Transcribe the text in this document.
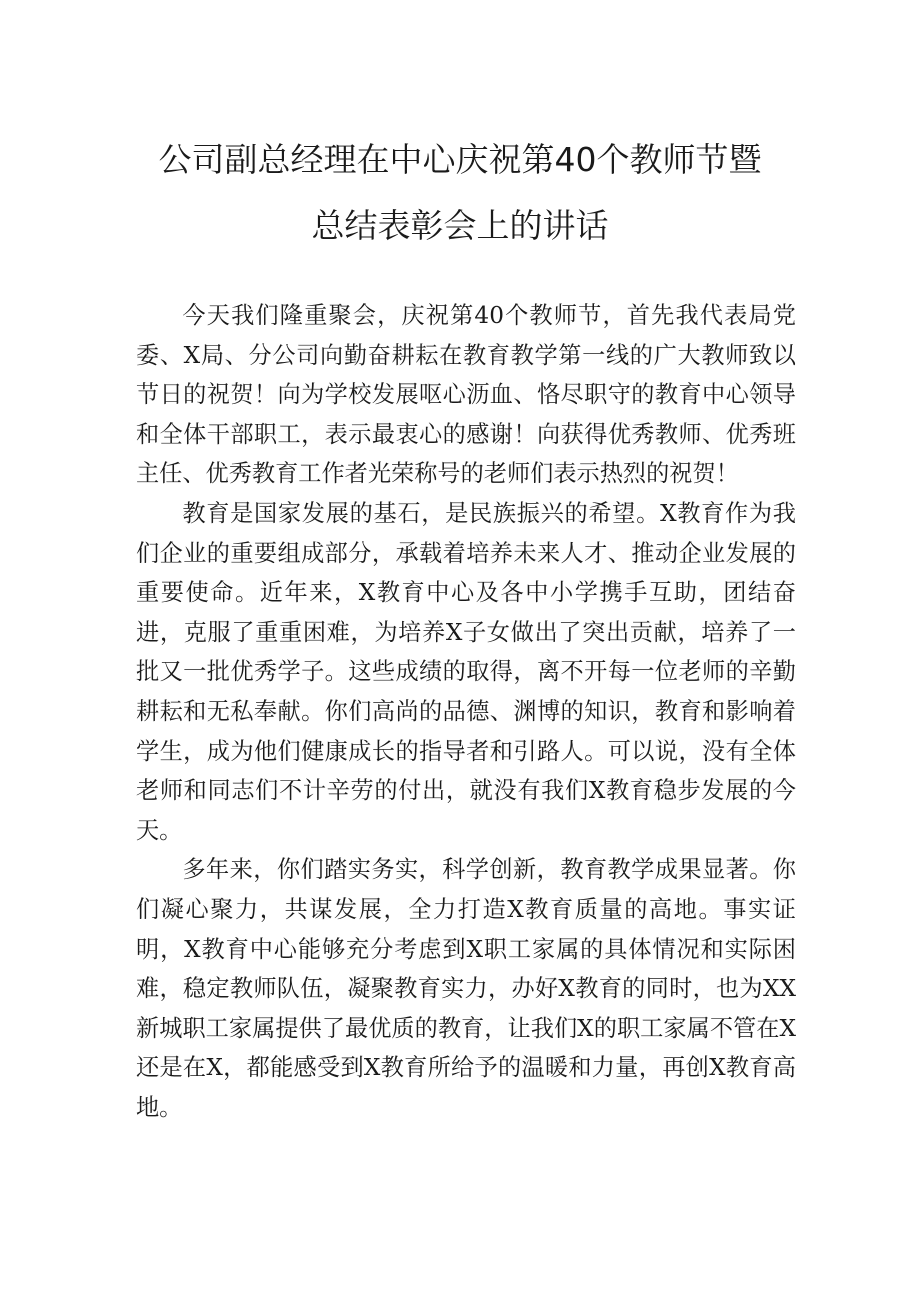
公司副总经理在中心庆祝第40个教师节暨
总结表彰会上的讲话

今天我们隆重聚会，庆祝第40个教师节，首先我代表局党委、X局、分公司向勤奋耕耘在教育教学第一线的广大教师致以节日的祝贺！向为学校发展呕心沥血、恪尽职守的教育中心领导和全体干部职工，表示最衷心的感谢！向获得优秀教师、优秀班主任、优秀教育工作者光荣称号的老师们表示热烈的祝贺！

教育是国家发展的基石，是民族振兴的希望。X教育作为我们企业的重要组成部分，承载着培养未来人才、推动企业发展的重要使命。近年来，X教育中心及各中小学携手互助，团结奋进，克服了重重困难，为培养X子女做出了突出贡献，培养了一批又一批优秀学子。这些成绩的取得，离不开每一位老师的辛勤耕耘和无私奉献。你们高尚的品德、渊博的知识，教育和影响着学生，成为他们健康成长的指导者和引路人。可以说，没有全体老师和同志们不计辛劳的付出，就没有我们X教育稳步发展的今天。

多年来，你们踏实务实，科学创新，教育教学成果显著。你们凝心聚力，共谋发展，全力打造X教育质量的高地。事实证明，X教育中心能够充分考虑到X职工家属的具体情况和实际困难，稳定教师队伍，凝聚教育实力，办好X教育的同时，也为XX新城职工家属提供了最优质的教育，让我们X的职工家属不管在X还是在X，都能感受到X教育所给予的温暖和力量，再创X教育高地。
